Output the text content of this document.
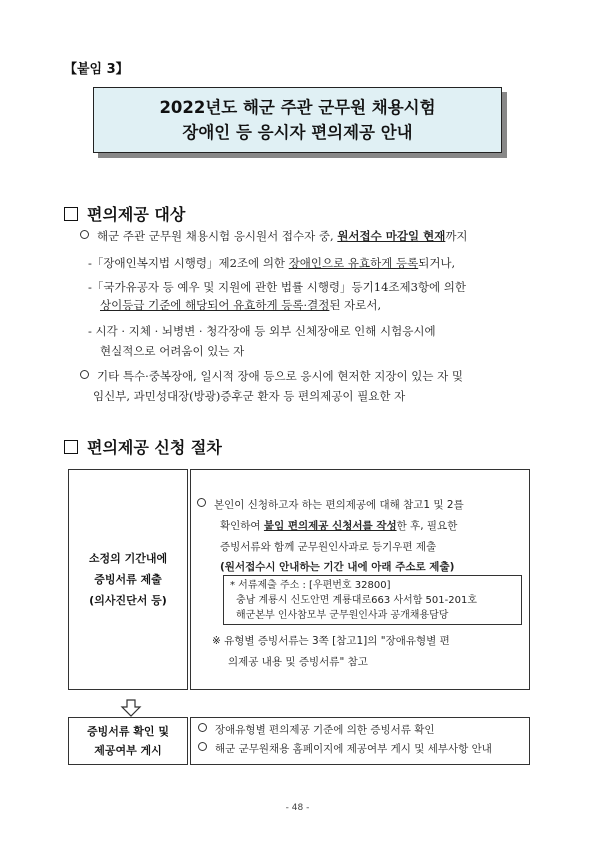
【붙임 3】
2022년도 해군 주관 군무원 채용시험
장애인 등 응시자 편의제공 안내
편의제공 대상
해군 주관 군무원 채용시험 응시원서 접수자 중, 원서접수 마감일 현재까지
-「장애인복지법 시행령」제2조에 의한 장애인으로 유효하게 등록되거나,
-「국가유공자 등 예우 및 지원에 관한 법률 시행령」등기14조제3항에 의한
상이등급 기준에 해당되어 유효하게 등록·결정된 자로서,
- 시각 · 지체 · 뇌병변 · 청각장애 등 외부 신체장애로 인해 시험응시에
현실적으로 어려움이 있는 자
기타 특수·중복장애, 일시적 장애 등으로 응시에 현저한 지장이 있는 자 및
임신부, 과민성대장(방광)증후군 환자 등 편의제공이 필요한 자
편의제공 신청 절차
소정의 기간내에
증빙서류 제출
(의사진단서 등)
본인이 신청하고자 하는 편의제공에 대해 참고1 및 2를
확인하여 붙임 편의제공 신청서를 작성한 후, 필요한
증빙서류와 함께 군무원인사과로 등기우편 제출
(원서접수시 안내하는 기간 내에 아래 주소로 제출)
* 서류제출 주소 : [우편번호 32800]
충남 계룡시 신도안면 계룡대로663 사서함 501-201호
해군본부 인사참모부 군무원인사과 공개채용담당
※ 유형별 증빙서류는 3쪽 [참고1]의 "장애유형별 편
의제공 내용 및 증빙서류" 참고
증빙서류 확인 및
제공여부 게시
장애유형별 편의제공 기준에 의한 증빙서류 확인
해군 군무원채용 홈페이지에 제공여부 게시 및 세부사항 안내
- 48 -
